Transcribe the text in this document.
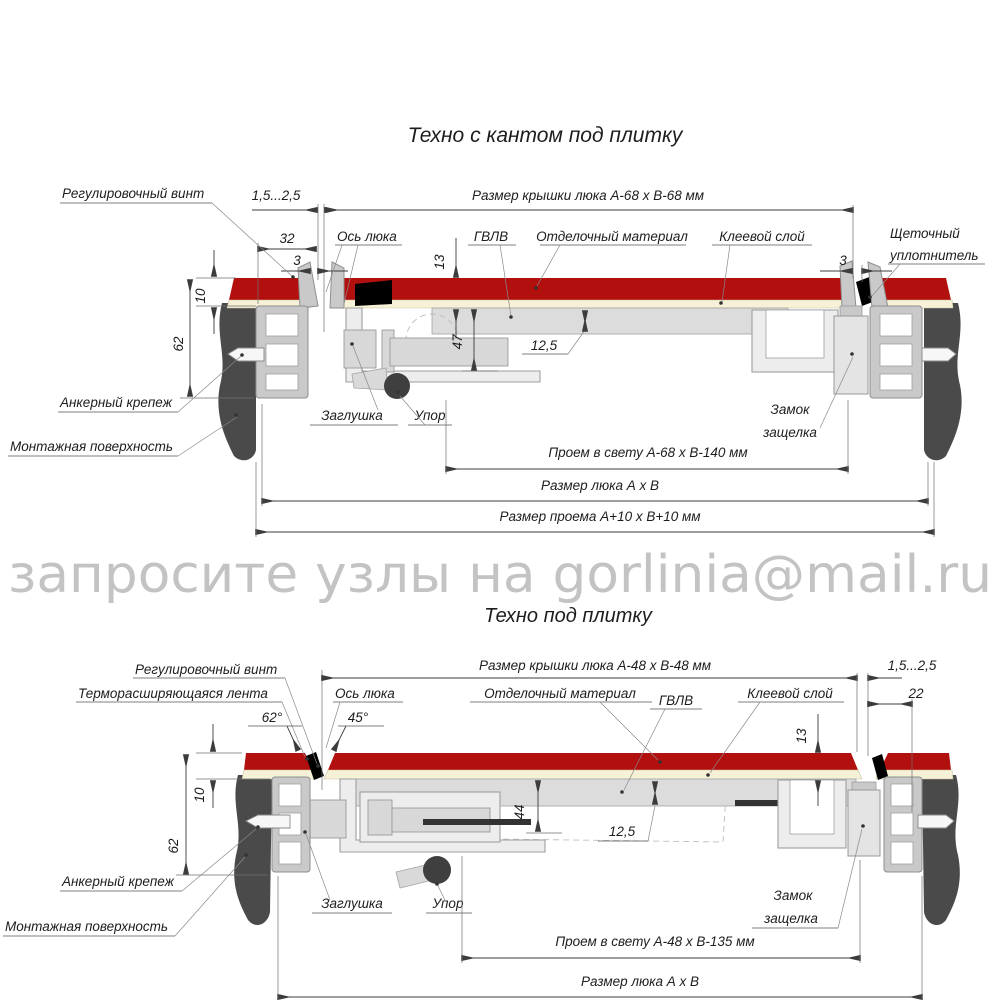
Техно с кантом под плитку
1,5...2,5	Размер крышки люка А-68 х В-68 мм
32
3
Ось люка
13
ГВЛВ Отделочный материал Клеевой слой
3
Щеточный
уплотнитель
10
62	47	12,5
Анкерный крепеж
Монтажная поверхность
Заглушка Упор	Замок
защелка
Проем в свету А-68 х В-140 мм
Размер люка А х В
Размер проема А+10 х В+10 мм
Регулировочный винт
запросите узлы на gorlinia@mail.ru
Техно под плитку
Регулировочный винт
Терморасширяющаяся лента
62°
Ось люка
45°
Размер крышки люка А-48 х В-48 мм	1,5...2,5
22
Отделочный материал ГВЛВ	Клеевой слой
13
10
62
44
12,5
Анкерный крепеж
Монтажная поверхность
Заглушка	Упор
Замок
защелка
Проем в свету А-48 х В-135 мм
Размер люка А х В
